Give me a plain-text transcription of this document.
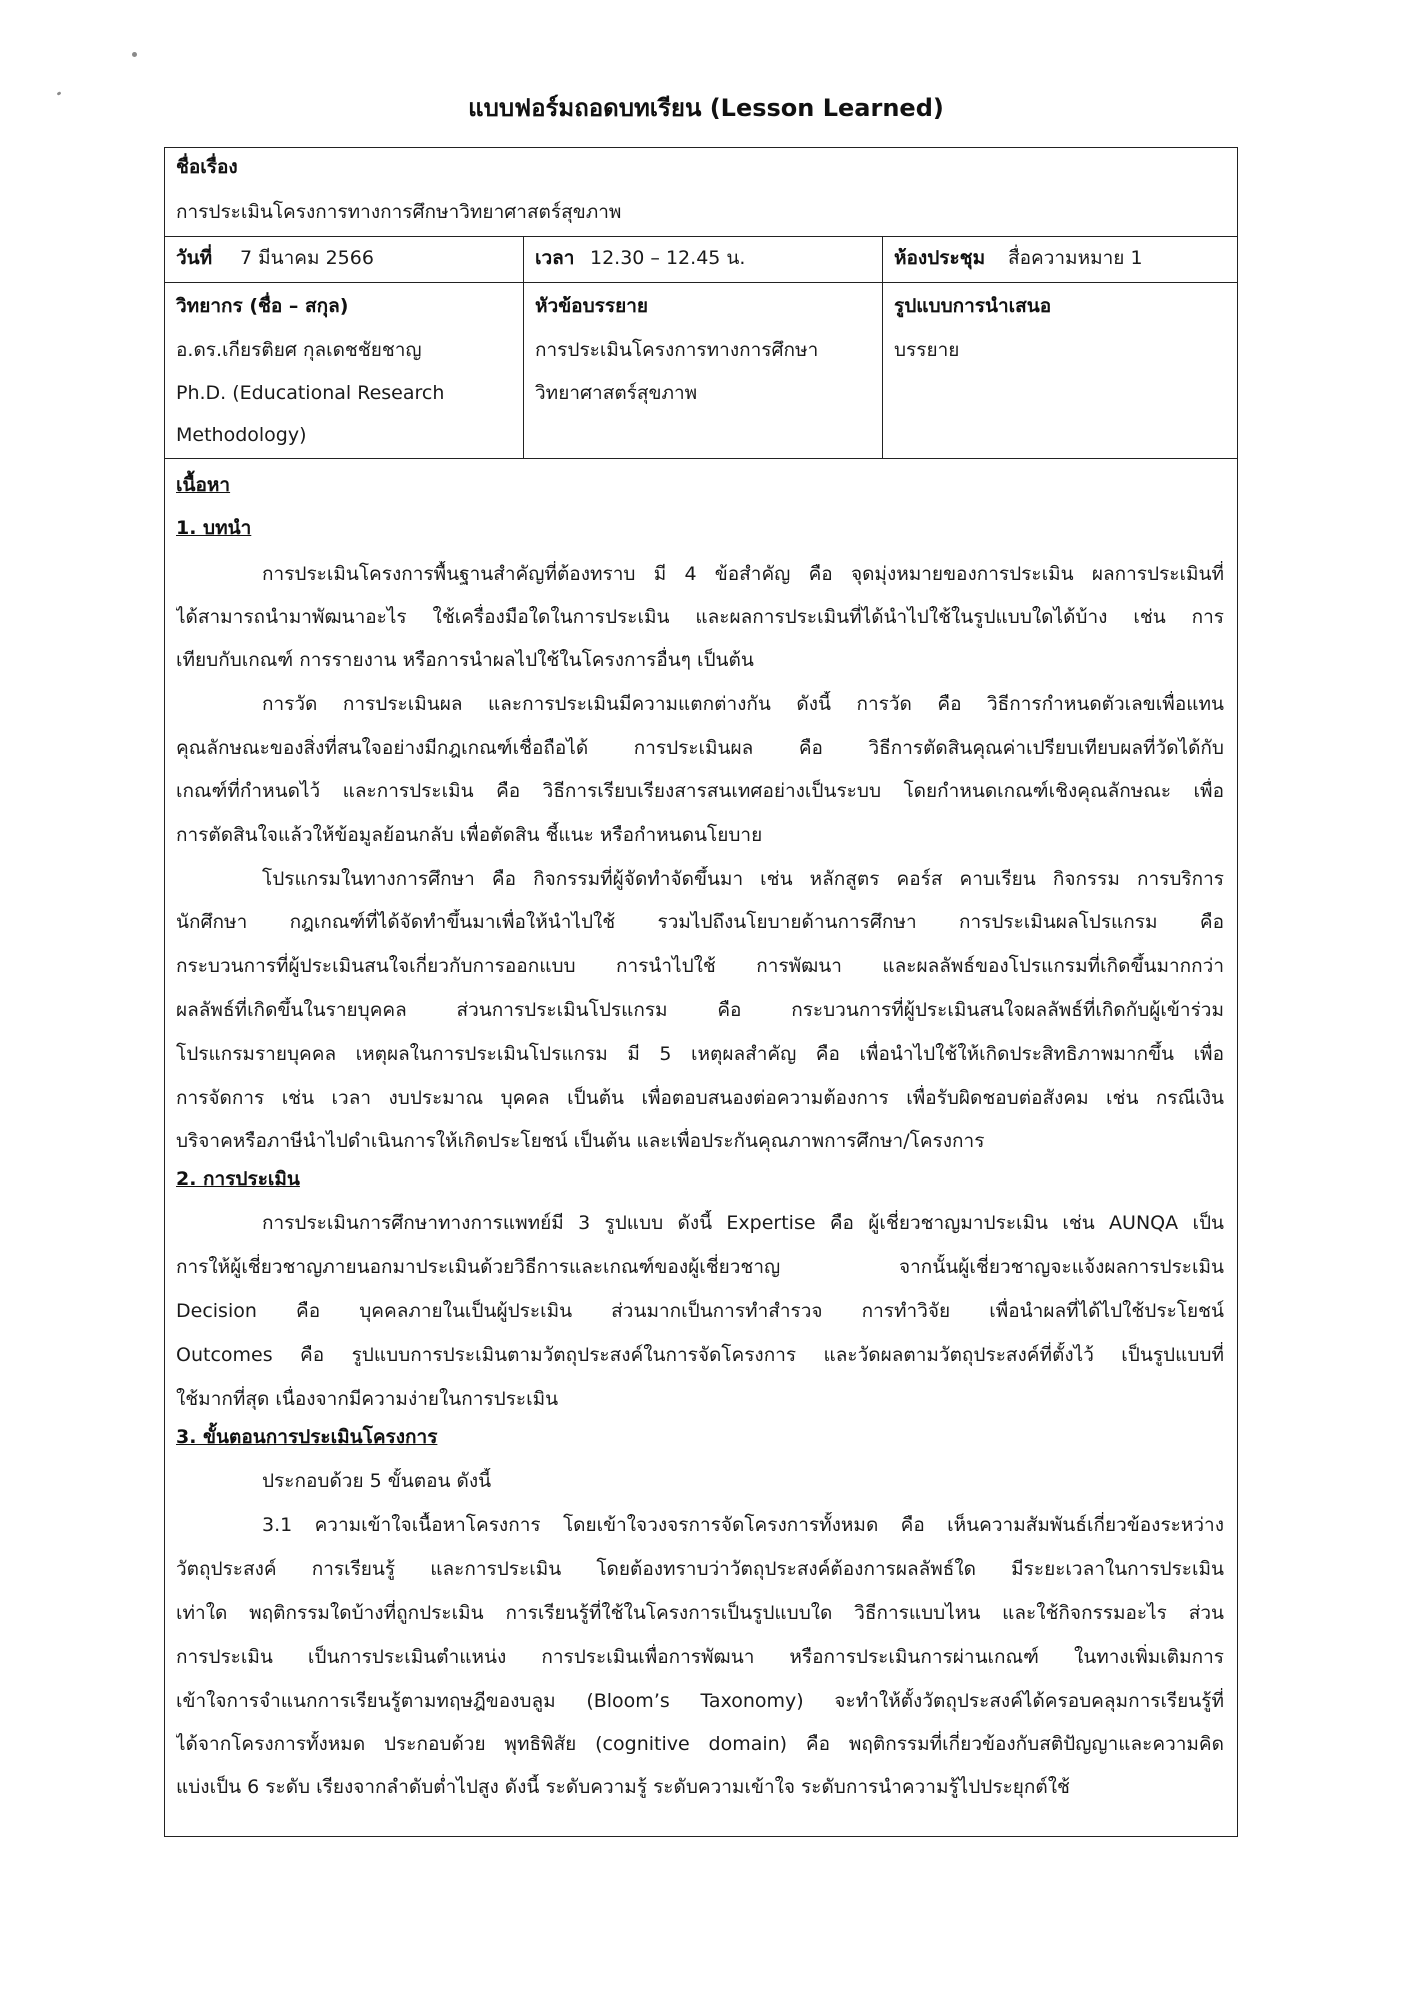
แบบฟอร์มถอดบทเรียน (Lesson Learned)
ชื่อเรื่อง
การประเมินโครงการทางการศึกษาวิทยาศาสตร์สุขภาพ
วันที่ 7 มีนาคม 2566	เวลา 12.30 – 12.45 น.	ห้องประชุม สื่อความหมาย 1
วิทยากร (ชื่อ – สกุล)
อ.ดร.เกียรติยศ กุลเดชชัยชาญ
Ph.D. (Educational Research
Methodology)
หัวข้อบรรยาย
การประเมินโครงการทางการศึกษา
วิทยาศาสตร์สุขภาพ
รูปแบบการนำเสนอ
บรรยาย
เนื้อหา
1. บทนำ
การประเมินโครงการพื้นฐานสำคัญที่ต้องทราบ มี 4 ข้อสำคัญ คือ จุดมุ่งหมายของการประเมิน ผลการประเมินที่
ได้สามารถนำมาพัฒนาอะไร ใช้เครื่องมือใดในการประเมิน และผลการประเมินที่ได้นำไปใช้ในรูปแบบใดได้บ้าง เช่น การ
เทียบกับเกณฑ์ การรายงาน หรือการนำผลไปใช้ในโครงการอื่นๆ เป็นต้น
การวัด การประเมินผล และการประเมินมีความแตกต่างกัน ดังนี้ การวัด คือ วิธีการกำหนดตัวเลขเพื่อแทน
คุณลักษณะของสิ่งที่สนใจอย่างมีกฎเกณฑ์เชื่อถือได้ การประเมินผล คือ วิธีการตัดสินคุณค่าเปรียบเทียบผลที่วัดได้กับ
เกณฑ์ที่กำหนดไว้ และการประเมิน คือ วิธีการเรียบเรียงสารสนเทศอย่างเป็นระบบ โดยกำหนดเกณฑ์เชิงคุณลักษณะ เพื่อ
การตัดสินใจแล้วให้ข้อมูลย้อนกลับ เพื่อตัดสิน ชี้แนะ หรือกำหนดนโยบาย
โปรแกรมในทางการศึกษา คือ กิจกรรมที่ผู้จัดทำจัดขึ้นมา เช่น หลักสูตร คอร์ส คาบเรียน กิจกรรม การบริการ
นักศึกษา กฎเกณฑ์ที่ได้จัดทำขึ้นมาเพื่อให้นำไปใช้ รวมไปถึงนโยบายด้านการศึกษา การประเมินผลโปรแกรม คือ
กระบวนการที่ผู้ประเมินสนใจเกี่ยวกับการออกแบบ การนำไปใช้ การพัฒนา และผลลัพธ์ของโปรแกรมที่เกิดขึ้นมากกว่า
ผลลัพธ์ที่เกิดขึ้นในรายบุคคล ส่วนการประเมินโปรแกรม คือ กระบวนการที่ผู้ประเมินสนใจผลลัพธ์ที่เกิดกับผู้เข้าร่วม
โปรแกรมรายบุคคล เหตุผลในการประเมินโปรแกรม มี 5 เหตุผลสำคัญ คือ เพื่อนำไปใช้ให้เกิดประสิทธิภาพมากขึ้น เพื่อ
การจัดการ เช่น เวลา งบประมาณ บุคคล เป็นต้น เพื่อตอบสนองต่อความต้องการ เพื่อรับผิดชอบต่อสังคม เช่น กรณีเงิน
บริจาคหรือภาษีนำไปดำเนินการให้เกิดประโยชน์ เป็นต้น และเพื่อประกันคุณภาพการศึกษา/โครงการ
2. การประเมิน
การประเมินการศึกษาทางการแพทย์มี 3 รูปแบบ ดังนี้ Expertise คือ ผู้เชี่ยวชาญมาประเมิน เช่น AUNQA เป็น
การให้ผู้เชี่ยวชาญภายนอกมาประเมินด้วยวิธีการและเกณฑ์ของผู้เชี่ยวชาญ จากนั้นผู้เชี่ยวชาญจะแจ้งผลการประเมิน
Decision คือ บุคคลภายในเป็นผู้ประเมิน ส่วนมากเป็นการทำสำรวจ การทำวิจัย เพื่อนำผลที่ได้ไปใช้ประโยชน์
Outcomes คือ รูปแบบการประเมินตามวัตถุประสงค์ในการจัดโครงการ และวัดผลตามวัตถุประสงค์ที่ตั้งไว้ เป็นรูปแบบที่
ใช้มากที่สุด เนื่องจากมีความง่ายในการประเมิน
3. ขั้นตอนการประเมินโครงการ
ประกอบด้วย 5 ขั้นตอน ดังนี้
3.1 ความเข้าใจเนื้อหาโครงการ โดยเข้าใจวงจรการจัดโครงการทั้งหมด คือ เห็นความสัมพันธ์เกี่ยวข้องระหว่าง
วัตถุประสงค์ การเรียนรู้ และการประเมิน โดยต้องทราบว่าวัตถุประสงค์ต้องการผลลัพธ์ใด มีระยะเวลาในการประเมิน
เท่าใด พฤติกรรมใดบ้างที่ถูกประเมิน การเรียนรู้ที่ใช้ในโครงการเป็นรูปแบบใด วิธีการแบบไหน และใช้กิจกรรมอะไร ส่วน
การประเมิน เป็นการประเมินตำแหน่ง การประเมินเพื่อการพัฒนา หรือการประเมินการผ่านเกณฑ์ ในทางเพิ่มเติมการ
เข้าใจการจำแนกการเรียนรู้ตามทฤษฎีของบลูม (Bloom’s Taxonomy) จะทำให้ตั้งวัตถุประสงค์ได้ครอบคลุมการเรียนรู้ที่
ได้จากโครงการทั้งหมด ประกอบด้วย พุทธิพิสัย (cognitive domain) คือ พฤติกรรมที่เกี่ยวข้องกับสติปัญญาและความคิด
แบ่งเป็น 6 ระดับ เรียงจากลำดับต่ำไปสูง ดังนี้ ระดับความรู้ ระดับความเข้าใจ ระดับการนำความรู้ไปประยุกต์ใช้
